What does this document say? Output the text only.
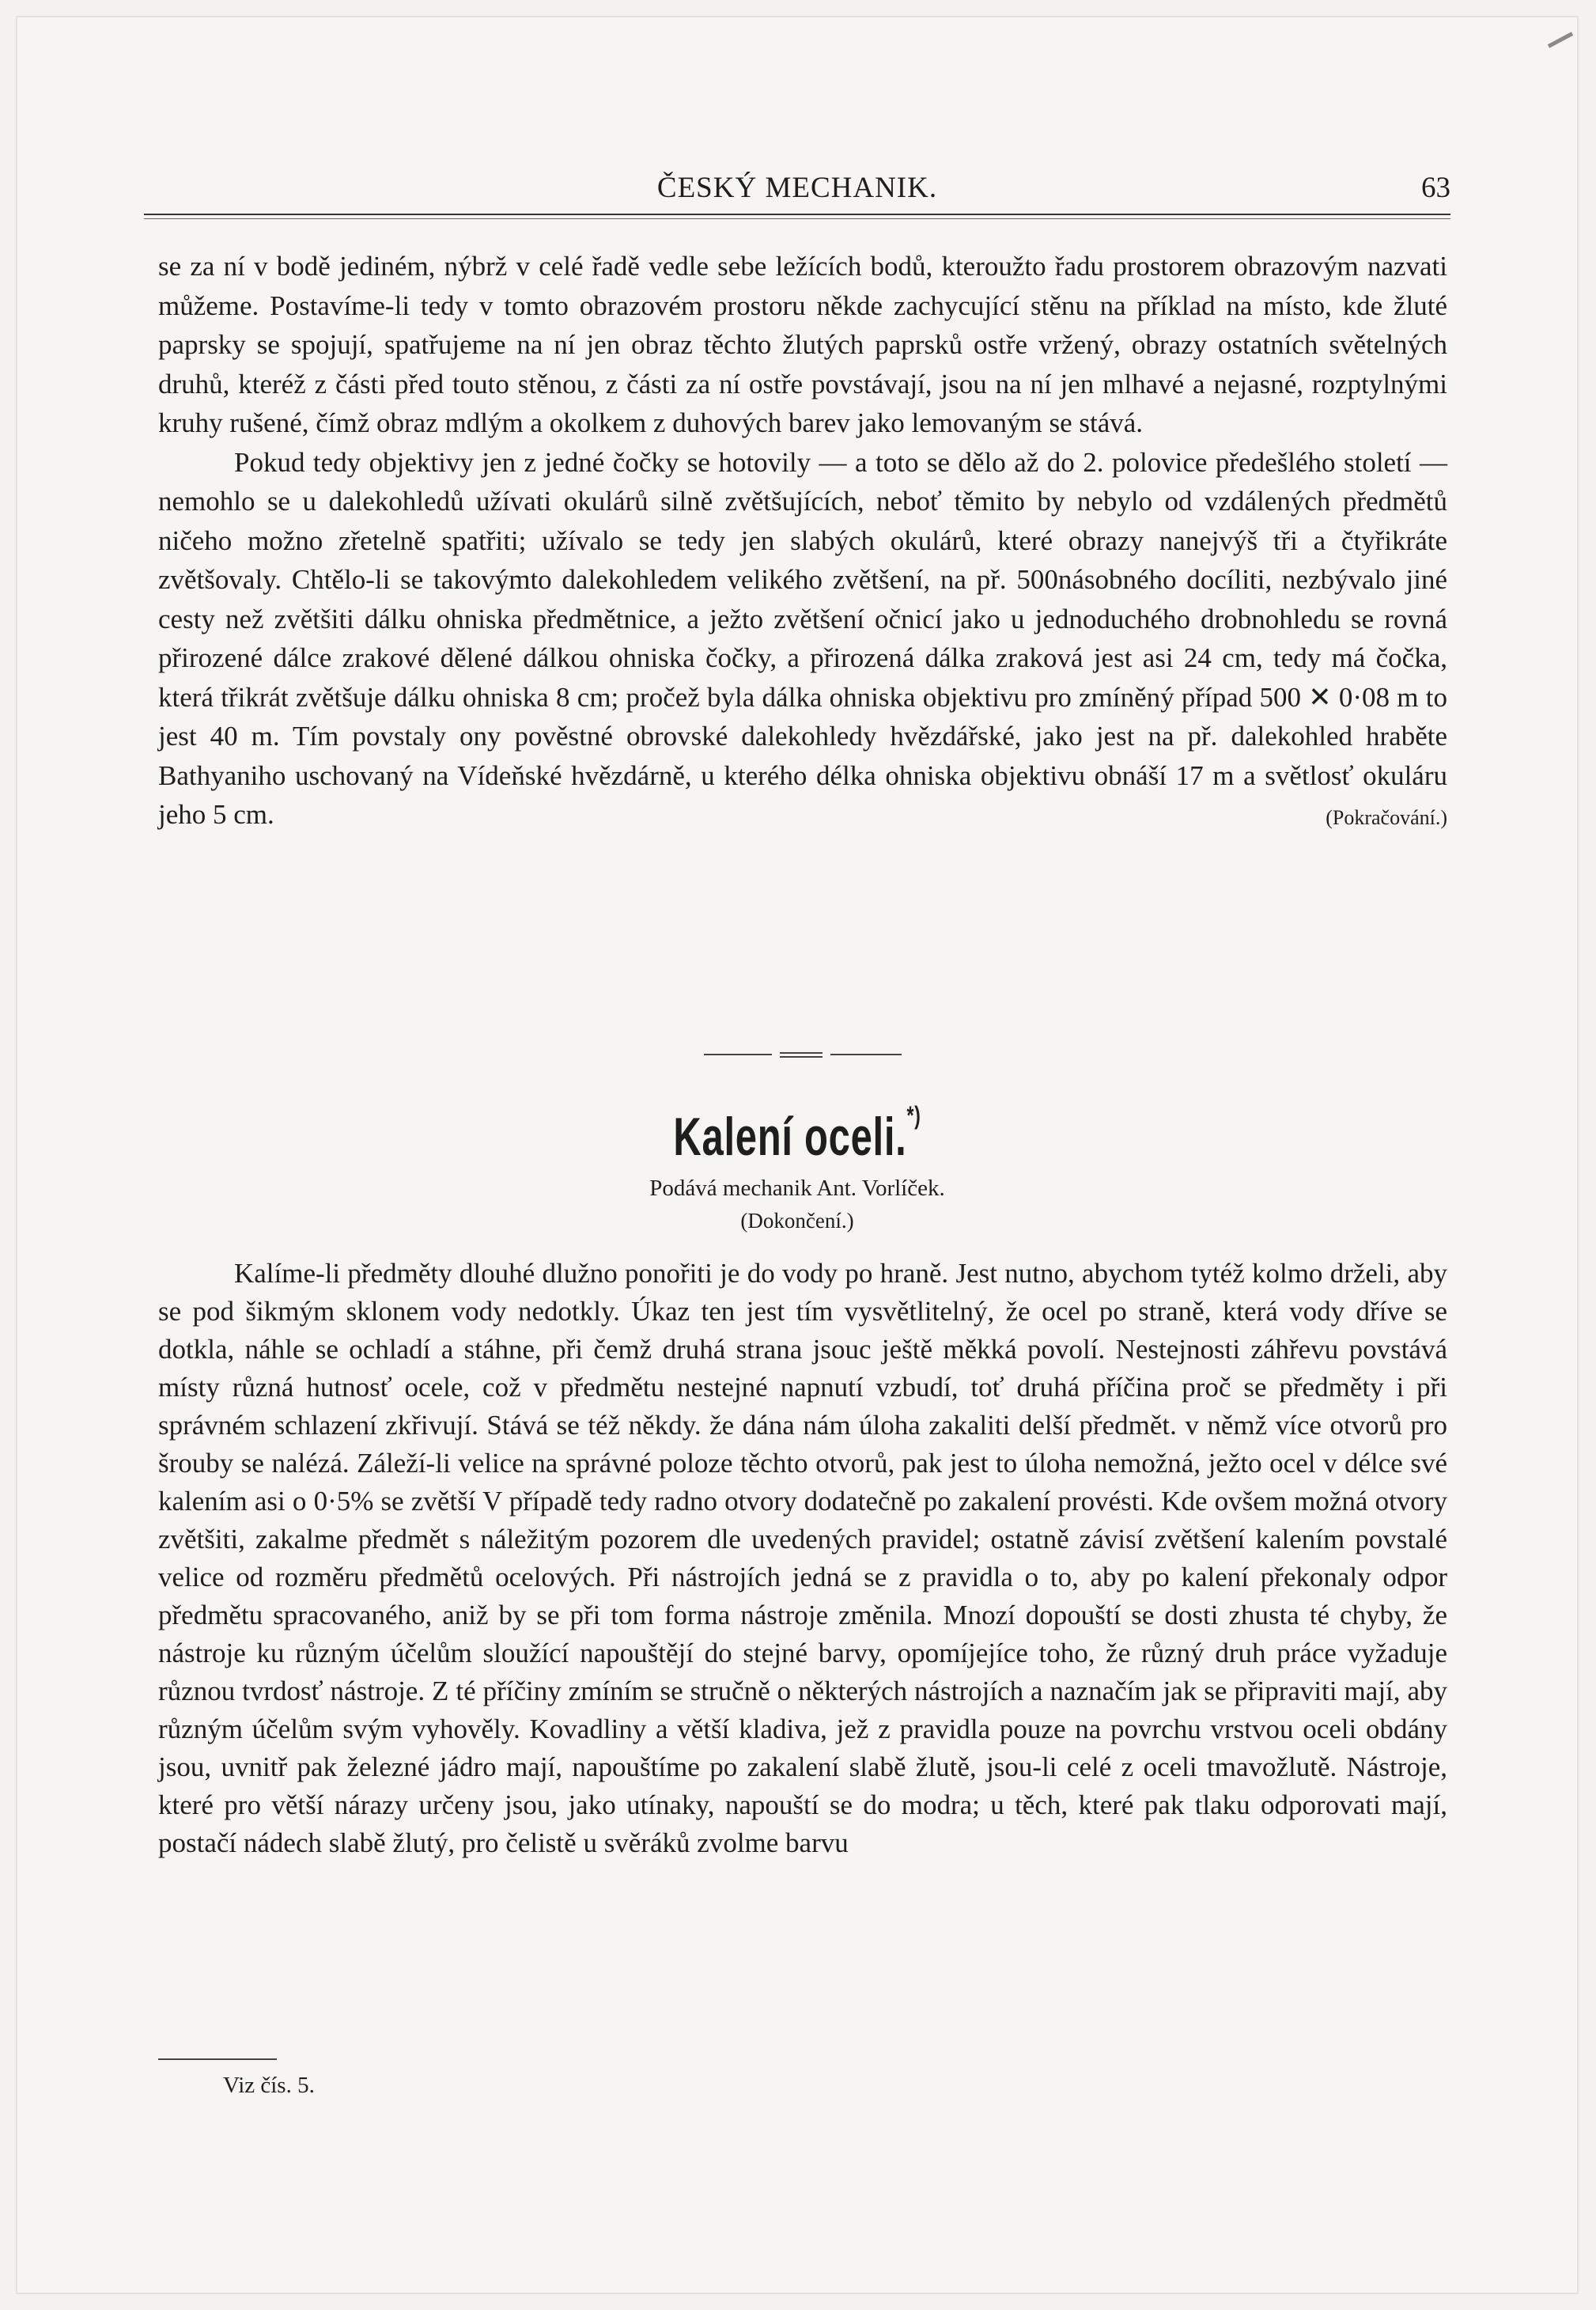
ČESKÝ MECHANIK.	63

se za ní v bodě jediném, nýbrž v celé řadě vedle sebe ležících bodů, kteroužto řadu prostorem obrazovým nazvati můžeme. Postavíme-li tedy v tomto obrazovém prostoru někde zachycující stěnu na příklad na místo, kde žluté paprsky se spojují, spatřujeme na ní jen obraz těchto žlutých paprsků ostře vržený, obrazy ostatních světelných druhů, kteréž z části před touto stěnou, z části za ní ostře povstávají, jsou na ní jen mlhavé a nejasné, rozptylnými kruhy rušené, čímž obraz mdlým a okolkem z duhových barev jako lemovaným se stává.

Pokud tedy objektivy jen z jedné čočky se hotovily — a toto se dělo až do 2. polovice předešlého století — nemohlo se u dalekohledů užívati okulárů silně zvětšujících, neboť těmito by nebylo od vzdálených předmětů ničeho možno zřetelně spatřiti; užívalo se tedy jen slabých okulárů, které obrazy nanejvýš tři a čtyřikráte zvětšovaly. Chtělo-li se takovýmto dalekohledem velikého zvětšení, na př. 500násobného docíliti, nezbývalo jiné cesty než zvětšiti dálku ohniska předmětnice, a ježto zvětšení očnicí jako u jednoduchého drobnohledu se rovná přirozené dálce zrakové dělené dálkou ohniska čočky, a přirozená dálka zraková jest asi 24 cm, tedy má čočka, která třikrát zvětšuje dálku ohniska 8 cm; pročež byla dálka ohniska objektivu pro zmíněný případ 500 ✕ 0·08 m to jest 40 m. Tím povstaly ony pověstné obrovské dalekohledy hvězdářské, jako jest na př. dalekohled hraběte Bathyaniho uschovaný na Vídeňské hvězdárně, u kterého délka ohniska objektivu obnáší 17 m a světlosť okuláru jeho 5 cm.	(Pokračování.)

Kalení oceli.*)
Podává mechanik Ant. Vorlíček.
(Dokončení.)

Kalíme-li předměty dlouhé dlužno ponořiti je do vody po hraně. Jest nutno, abychom tytéž kolmo drželi, aby se pod šikmým sklonem vody nedotkly. Úkaz ten jest tím vysvětlitelný, že ocel po straně, která vody dříve se dotkla, náhle se ochladí a stáhne, při čemž druhá strana jsouc ještě měkká povolí. Nestejnosti záhřevu povstává místy různá hutnosť ocele, což v předmětu nestejné napnutí vzbudí, toť druhá příčina proč se předměty i při správném schlazení zkřivují. Stává se též někdy. že dána nám úloha zakaliti delší předmět. v němž více otvorů pro šrouby se nalézá. Záleží-li velice na správné poloze těchto otvorů, pak jest to úloha nemožná, ježto ocel v délce své kalením asi o 0·5% se zvětší V případě tedy radno otvory dodatečně po zakalení provésti. Kde ovšem možná otvory zvětšiti, zakalme předmět s náležitým pozorem dle uvedených pravidel; ostatně závisí zvětšení kalením povstalé velice od rozměru předmětů ocelových. Při nástrojích jedná se z pravidla o to, aby po kalení překonaly odpor předmětu spracovaného, aniž by se při tom forma nástroje změnila. Mnozí dopouští se dosti zhusta té chyby, že nástroje ku různým účelům sloužící napouštějí do stejné barvy, opomíjejíce toho, že různý druh práce vyžaduje různou tvrdosť nástroje. Z té příčiny zmíním se stručně o některých nástrojích a naznačím jak se připraviti mají, aby různým účelům svým vyhověly. Kovadliny a větší kladiva, jež z pravidla pouze na povrchu vrstvou oceli obdány jsou, uvnitř pak železné jádro mají, napouštíme po zakalení slabě žlutě, jsou-li celé z oceli tmavožlutě. Nástroje, které pro větší nárazy určeny jsou, jako utínaky, napouští se do modra; u těch, které pak tlaku odporovati mají, postačí nádech slabě žlutý, pro čelistě u svěráků zvolme barvu

Viz čís. 5.
